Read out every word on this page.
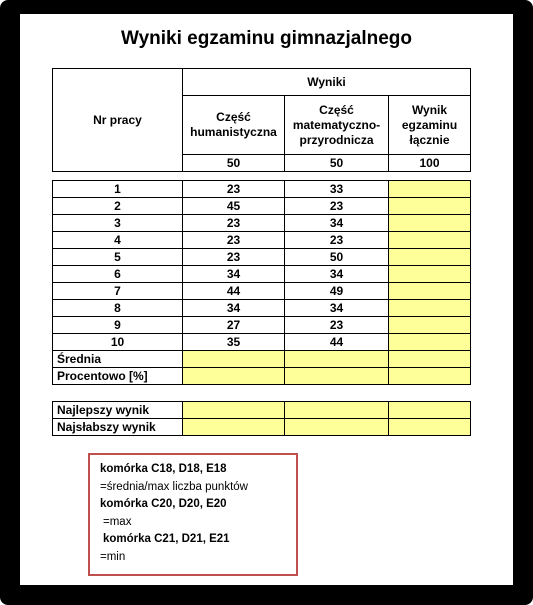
Wyniki egzaminu gimnazjalnego
Nr pracy	Wyniki		
	Część humanistyczna	Część matematyczno-przyrodnicza	Wynik egzaminu łącznie
	50	50	100
1	23	33	
2	45	23	
3	23	34	
4	23	23	
5	23	50	
6	34	34	
7	44	49	
8	34	34	
9	27	23	
10	35	44	
Średnia			
Procentowo [%]			

Najlepszy wynik			
Najsłabszy wynik			
komórka C18, D18, E18
=średnia/max liczba punktów
komórka C20, D20, E20
=max
komórka C21, D21, E21
=min
